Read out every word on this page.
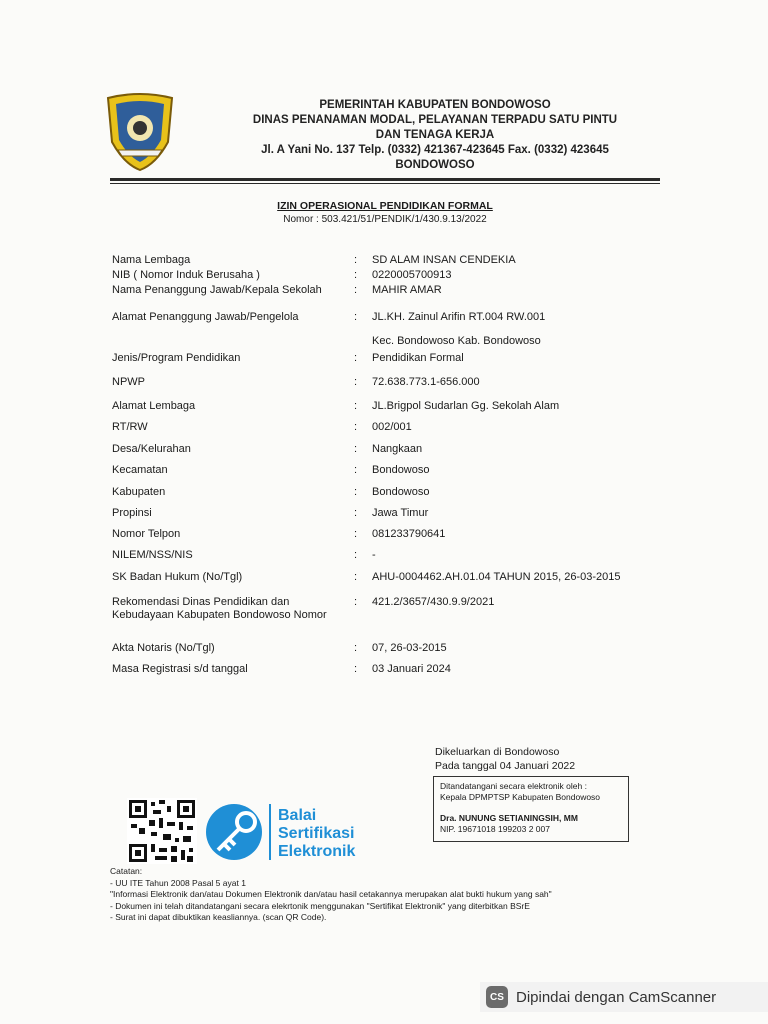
PEMERINTAH KABUPATEN BONDOWOSO
DINAS PENANAMAN MODAL, PELAYANAN TERPADU SATU PINTU
DAN TENAGA KERJA
Jl. A Yani No. 137 Telp. (0332) 421367-423645 Fax. (0332) 423645
BONDOWOSO
IZIN OPERASIONAL PENDIDIKAN FORMAL
Nomor : 503.421/51/PENDIK/1/430.9.13/2022
Nama Lembaga	: SD ALAM INSAN CENDEKIA
NIB ( Nomor Induk Berusaha )	: 0220005700913
Nama Penanggung Jawab/Kepala Sekolah	: MAHIR AMAR
Alamat Penanggung Jawab/Pengelola	: JL.KH. Zainul Arifin RT.004 RW.001
Kec. Bondowoso Kab. Bondowoso
Jenis/Program Pendidikan	: Pendidikan Formal
NPWP	: 72.638.773.1-656.000
Alamat Lembaga	: JL.Brigpol Sudarlan Gg. Sekolah Alam
RT/RW	: 002/001
Desa/Kelurahan	: Nangkaan
Kecamatan	: Bondowoso
Kabupaten	: Bondowoso
Propinsi	: Jawa Timur
Nomor Telpon	: 081233790641
NILEM/NSS/NIS	: -
SK Badan Hukum (No/Tgl)	: AHU-0004462.AH.01.04 TAHUN 2015, 26-03-2015
Rekomendasi Dinas Pendidikan dan Kebudayaan Kabupaten Bondowoso Nomor
: 421.2/3657/430.9.9/2021
Akta Notaris (No/Tgl)	: 07, 26-03-2015
Masa Registrasi s/d tanggal	: 03 Januari 2024
Dikeluarkan di Bondowoso
Pada tanggal 04 Januari 2022
Ditandatangani secara elektronik oleh :
Kepala DPMPTSP Kabupaten Bondowoso
Dra. NUNUNG SETIANINGSIH, MM
NIP. 19671018 199203 2 007
Balai
Sertifikasi
Elektronik
Catatan:
- UU ITE Tahun 2008 Pasal 5 ayat 1
"Informasi Elektronik dan/atau Dokumen Elektronik dan/atau hasil cetakannya merupakan alat bukti hukum yang sah"
- Dokumen ini telah ditandatangani secara elekrtonik menggunakan "Sertifikat Elektronik" yang diterbitkan BSrE
- Surat ini dapat dibuktikan keasliannya. (scan QR Code).
CS Dipindai dengan CamScanner
